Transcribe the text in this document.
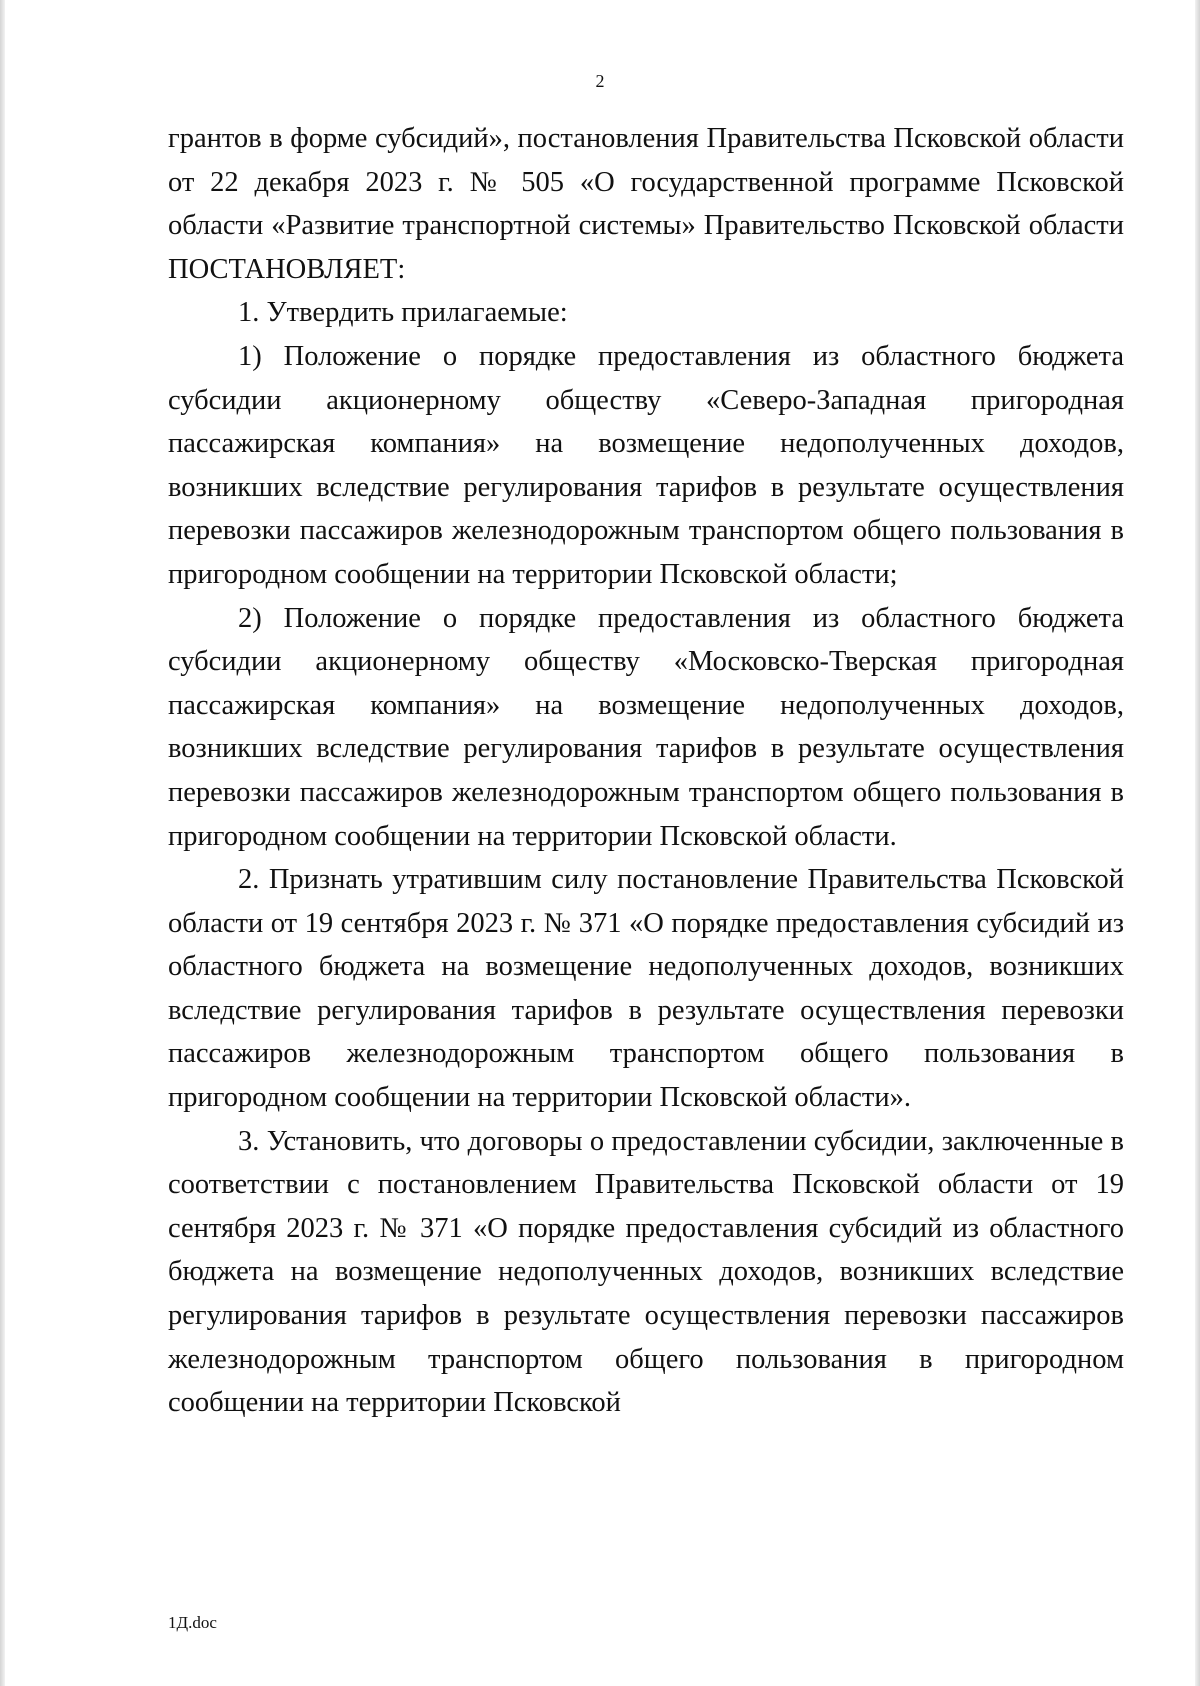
2

грантов в форме субсидий», постановления Правительства Псковской области от 22 декабря 2023 г. № 505 «О государственной программе Псковской области «Развитие транспортной системы» Правительство Псковской области ПОСТАНОВЛЯЕТ:

1. Утвердить прилагаемые:

1) Положение о порядке предоставления из областного бюджета субсидии акционерному обществу «Северо-Западная пригородная пассажирская компания» на возмещение недополученных доходов, возникших вследствие регулирования тарифов в результате осуществления перевозки пассажиров железнодорожным транспортом общего пользования в пригородном сообщении на территории Псковской области;

2) Положение о порядке предоставления из областного бюджета субсидии акционерному обществу «Московско-Тверская пригородная пассажирская компания» на возмещение недополученных доходов, возникших вследствие регулирования тарифов в результате осуществления перевозки пассажиров железнодорожным транспортом общего пользования в пригородном сообщении на территории Псковской области.

2. Признать утратившим силу постановление Правительства Псковской области от 19 сентября 2023 г. № 371 «О порядке предоставления субсидий из областного бюджета на возмещение недополученных доходов, возникших вследствие регулирования тарифов в результате осуществления перевозки пассажиров железнодорожным транспортом общего пользования в пригородном сообщении на территории Псковской области».

3. Установить, что договоры о предоставлении субсидии, заключенные в соответствии с постановлением Правительства Псковской области от 19 сентября 2023 г. № 371 «О порядке предоставления субсидий из областного бюджета на возмещение недополученных доходов, возникших вследствие регулирования тарифов в результате осуществления перевозки пассажиров железнодорожным транспортом общего пользования в пригородном сообщении на территории Псковской

1Д.doc
